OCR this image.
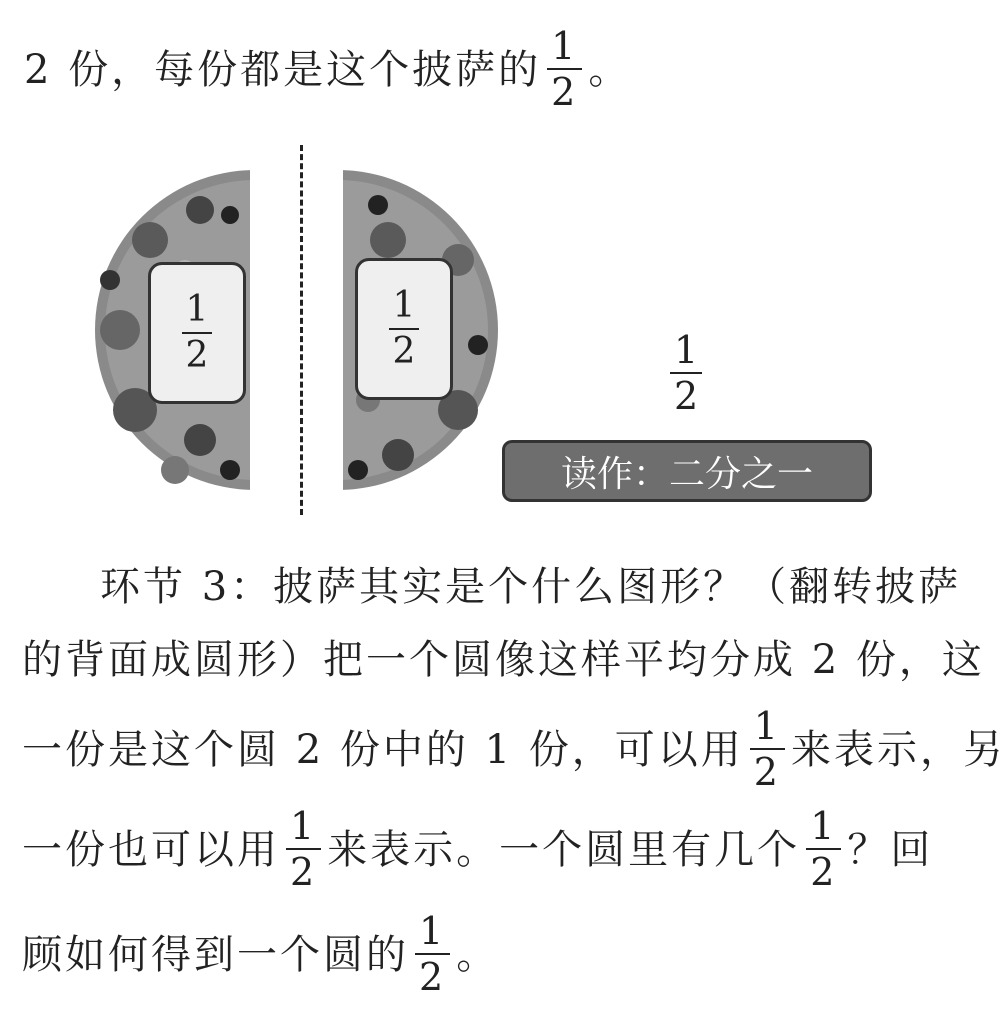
2 份，每份都是这个披萨的 $\frac{1}{2}$ 。
$\frac{1}{2}$	$\frac{1}{2}$
$\frac{1}{2}$
读作：二分之一
环节 3：披萨其实是个什么图形？（翻转披萨
的背面成圆形）把一个圆像这样平均分成 2 份，这
一份是这个圆 2 份中的 1 份，可以用 $\frac{1}{2}$ 来表示，另
一份也可以用 $\frac{1}{2}$ 来表示。一个圆里有几个 $\frac{1}{2}$ ？回
顾如何得到一个圆的 $\frac{1}{2}$ 。
